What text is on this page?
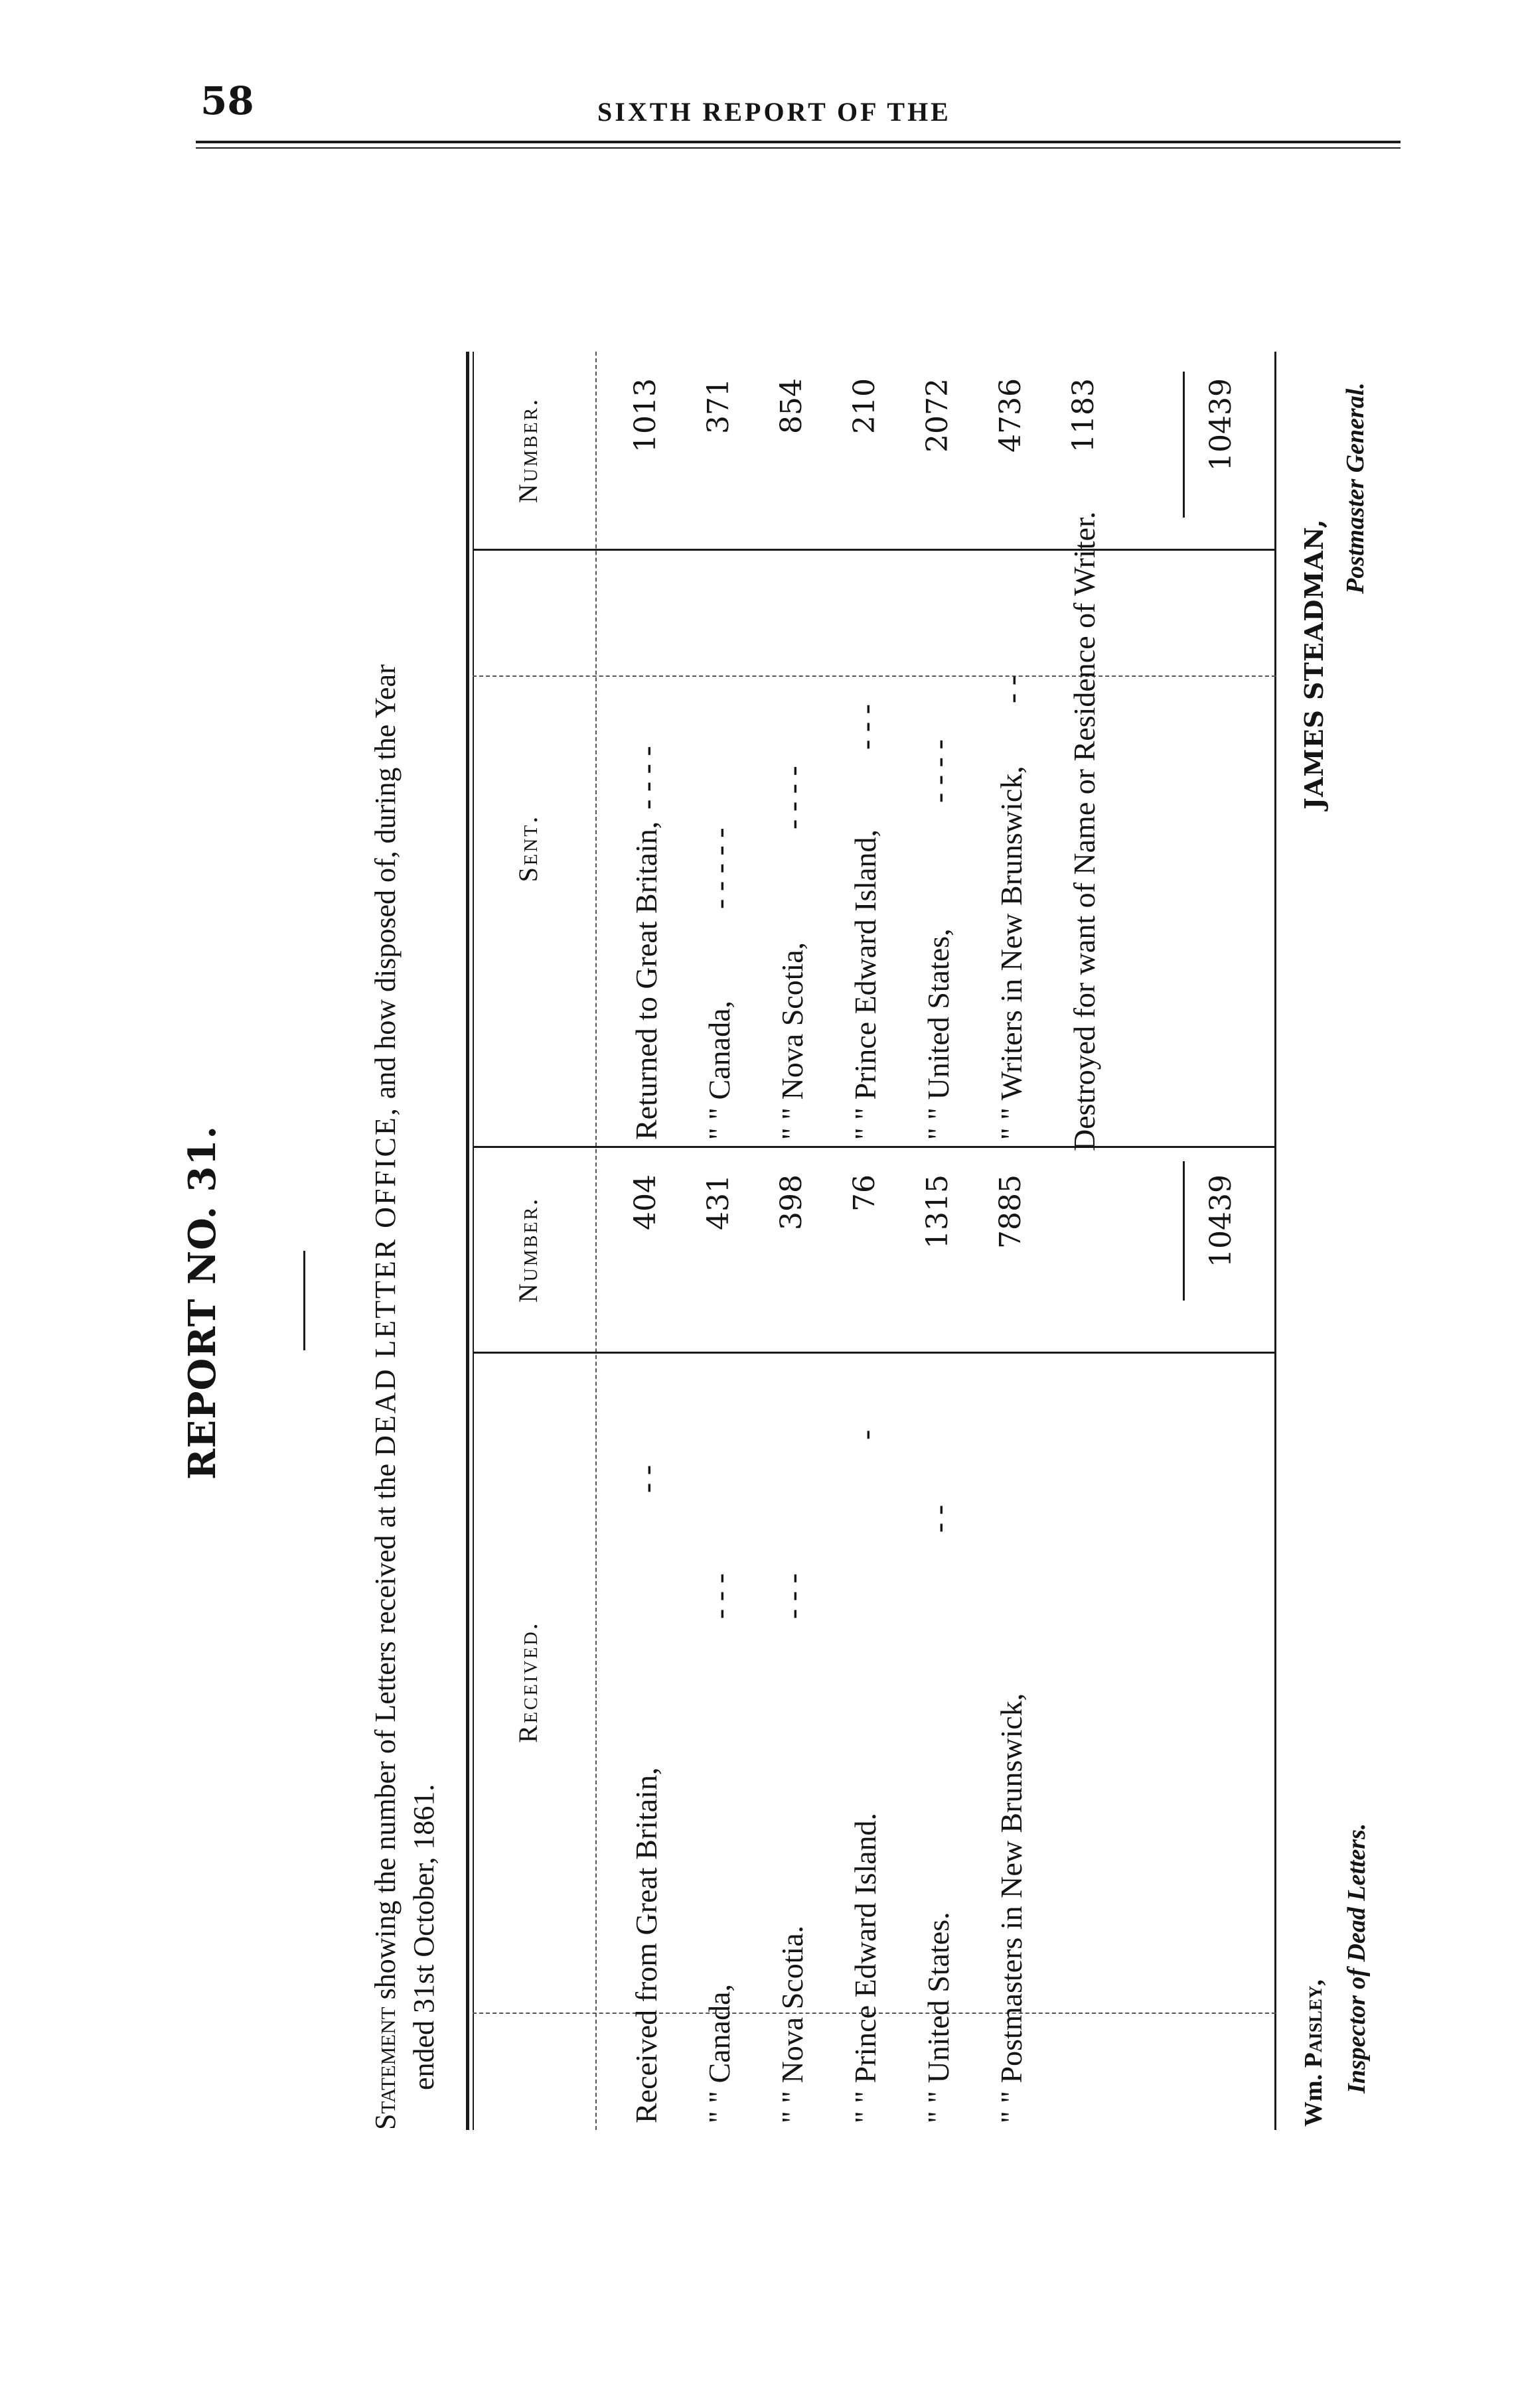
58	SIXTH REPORT OF THE
REPORT NO. 31.
Statement showing the number of Letters received at the DEAD LETTER OFFICE, and how disposed of, during the Year
ended 31st October, 1861.
Received.
Number.
Sent.
Number.
Received from Great Britain,
- -
404
" " Canada,
- - -
431
" " Nova Scotia.
- - -
398
" " Prince Edward Island.
-
76
" " United States.
- -
1315
" " Postmasters in New Brunswick,
7885
Returned to Great Britain,
- - - -
1013
" " Canada,
- - - - -
371
" " Nova Scotia,
- - - -
854
" " Prince Edward Island,
- - -
210
" " United States,
- - - -
2072
" " Writers in New Brunswick,
- -
4736
Destroyed for want of Name or Residence of Writer.
1183
10439
10439
Wm. Paisley, Inspector of Dead Letters.
JAMES STEADMAN,
Postmaster General.
